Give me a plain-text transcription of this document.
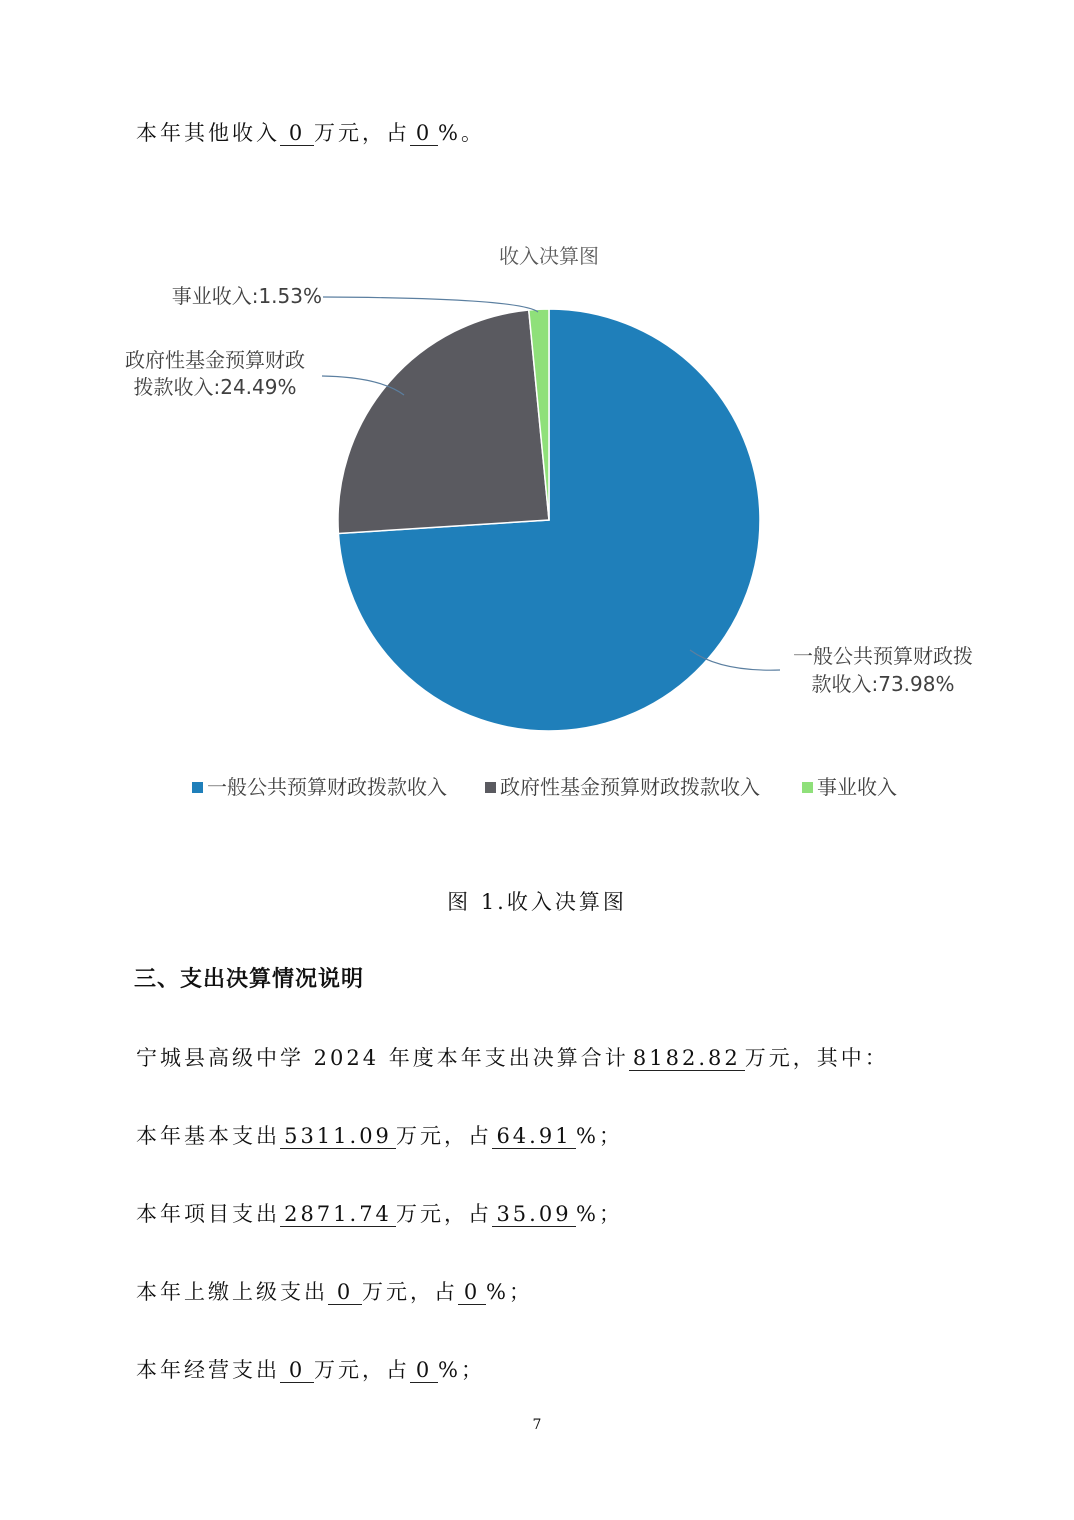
本年其他收入 0 万元，占 0 %。
收入决算图
一般公共预算财政拨
款收入:73.98%
政府性基金预算财政
拨款收入:24.49%
事业收入:1.53%
一般公共预算财政拨款收入	政府性基金预算财政拨款收入	事业收入
图 1.收入决算图
三、支出决算情况说明
宁城县高级中学 2024 年度本年支出决算合计 8182.82 万元，其中：
本年基本支出 5311.09 万元，占 64.91 %；
本年项目支出 2871.74 万元，占 35.09 %；
本年上缴上级支出 0 万元，占 0 %；
本年经营支出 0 万元，占 0 %；
7
